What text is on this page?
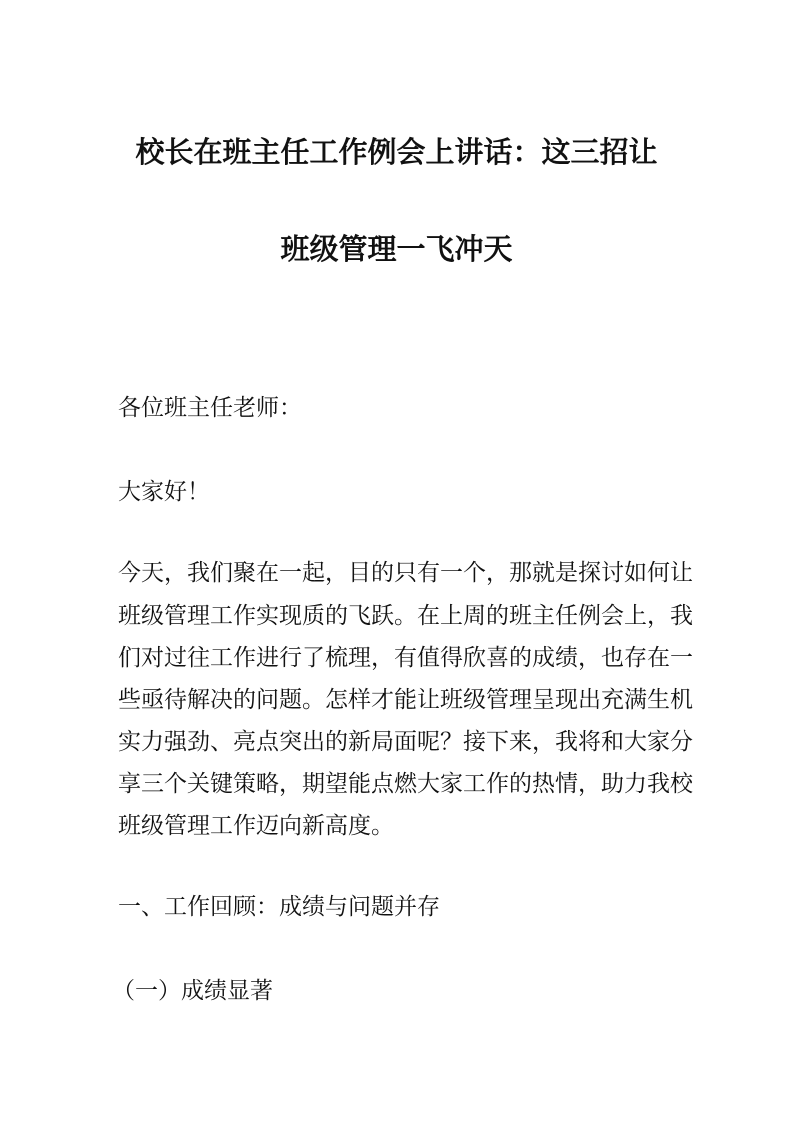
校长在班主任工作例会上讲话：这三招让
班级管理一飞冲天
各位班主任老师：
大家好！
今天，我们聚在一起，目的只有一个，那就是探讨如何让
班级管理工作实现质的飞跃。在上周的班主任例会上，我
们对过往工作进行了梳理，有值得欣喜的成绩，也存在一
些亟待解决的问题。怎样才能让班级管理呈现出充满生机
实力强劲、亮点突出的新局面呢？接下来，我将和大家分
享三个关键策略，期望能点燃大家工作的热情，助力我校
班级管理工作迈向新高度。
一、工作回顾：成绩与问题并存
（一）成绩显著
